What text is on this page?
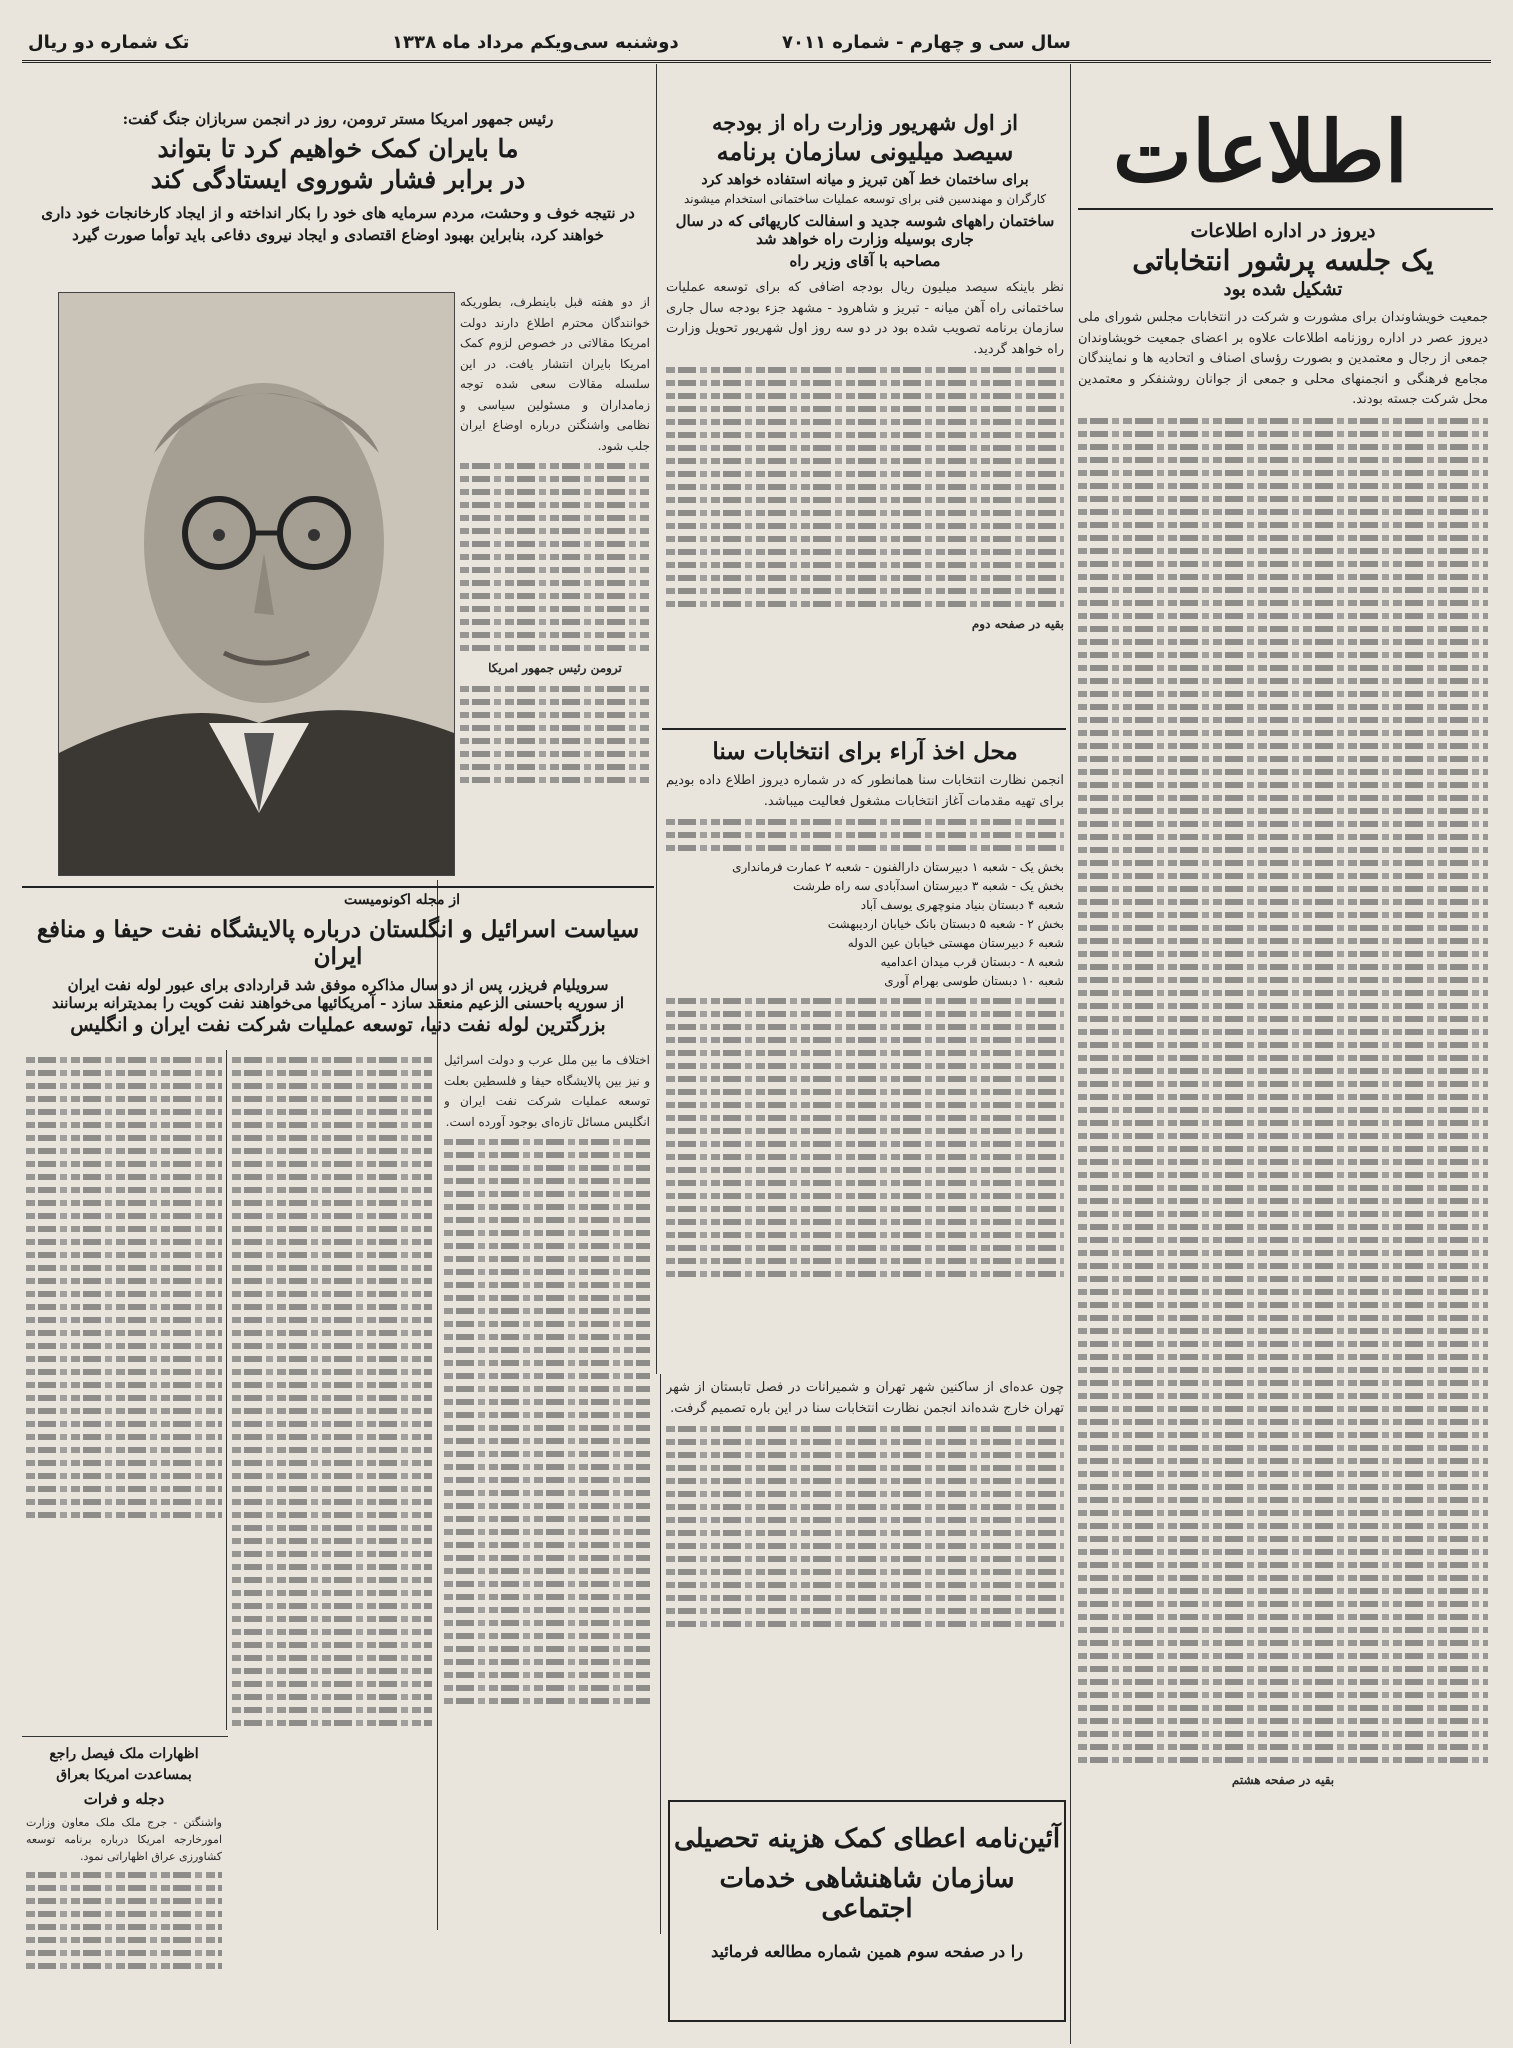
تک شماره دو ریال	دوشنبه سی‌ویکم مرداد ماه ۱۳۳۸	سال سی و چهارم - شماره ۷۰۱۱
اطلاعات
دیروز در اداره اطلاعات
یک جلسه پرشور انتخاباتی
تشکیل شده بود
جمعیت خویشاوندان برای مشورت و شرکت در انتخابات مجلس شورای ملی دیروز عصر در اداره روزنامه اطلاعات علاوه بر اعضای جمعیت خویشاوندان جمعی از رجال و معتمدین و بصورت رؤسای اصناف و اتحادیه ها و نمایندگان مجامع فرهنگی و انجمنهای محلی و جمعی از جوانان روشنفکر و معتمدین محل شرکت جسته بودند.
بقیه در صفحه هشتم
از اول شهریور وزارت راه از بودجه
سیصد میلیونی سازمان برنامه
برای ساختمان خط آهن تبریز و میانه استفاده خواهد کرد
کارگران و مهندسین فنی برای توسعه عملیات ساختمانی استخدام میشوند
ساختمان راههای شوسه جدید و اسفالت کاریهائی که در سال جاری بوسیله وزارت راه خواهد شد
مصاحبه با آقای وزیر راه
نظر باینکه سیصد میلیون ریال بودجه اضافی که برای توسعه عملیات ساختمانی راه آهن میانه - تبریز و شاهرود - مشهد جزء بودجه سال جاری سازمان برنامه تصویب شده بود در دو سه روز اول شهریور تحویل وزارت راه خواهد گردید.
بقیه در صفحه دوم
محل اخذ آراء برای انتخابات سنا
انجمن نظارت انتخابات سنا همانطور که در شماره دیروز اطلاع داده بودیم برای تهیه مقدمات آغاز انتخابات مشغول فعالیت میباشد.
بخش یک - شعبه ۱ دبیرستان دارالفنون - شعبه ۲ عمارت فرمانداری
بخش یک - شعبه ۳ دبیرستان اسدآبادی سه راه طرشت
شعبه ۴ دبستان بنیاد منوچهری یوسف آباد
بخش ۲ - شعبه ۵ دبستان بانک خیابان اردیبهشت
شعبه ۶ دبیرستان مهستی خیابان عین الدوله
شعبه ۸ - دبستان قرب میدان اعدامیه
شعبه ۱۰ دبستان طوسی بهرام آوری
چون عده‌ای از ساکنین شهر تهران و شمیرانات در فصل تابستان از شهر تهران خارج شده‌اند انجمن نظارت انتخابات سنا در این باره تصمیم گرفت.
آئین‌نامه اعطای کمک هزینه تحصیلی
سازمان شاهنشاهی خدمات اجتماعی
را در صفحه سوم همین شماره مطالعه فرمائید
رئیس جمهور امریکا مستر ترومن، روز در انجمن سربازان جنگ گفت:
ما بایران کمک خواهیم کرد تا بتواند
در برابر فشار شوروی ایستادگی کند
در نتیجه خوف و وحشت، مردم سرمایه های خود را بکار انداخته و از ایجاد کارخانجات خود داری خواهند کرد، بنابراین بهبود اوضاع اقتصادی و ایجاد نیروی دفاعی باید توأما صورت گیرد
از دو هفته قبل باینطرف، بطوریکه خوانندگان محترم اطلاع دارند دولت امریکا مقالاتی در خصوص لزوم کمک امریکا بایران انتشار یافت. در این سلسله مقالات سعی شده توجه زمامداران و مسئولین سیاسی و نظامی واشنگتن درباره اوضاع ایران جلب شود.
ترومن رئیس جمهور امریکا
از مجله اکونومیست
سیاست اسرائیل و انگلستان درباره پالایشگاه نفت حیفا و منافع ایران
سرویلیام فریزر، پس از دو سال مذاکره موفق شد قراردادی برای عبور لوله نفت ایران
از سوریه باحسنی الزعیم منعقد سازد - آمریکائیها می‌خواهند نفت کویت را بمدیترانه برسانند
بزرگترین لوله نفت دنیا، توسعه عملیات شرکت نفت ایران و انگلیس
اختلاف ما بین ملل عرب و دولت اسرائیل و نیز بین پالایشگاه حیفا و فلسطین بعلت توسعه عملیات شرکت نفت ایران و انگلیس مسائل تازه‌ای بوجود آورده است.
اظهارات ملک فیصل راجع بمساعدت امریکا بعراق
دجله و فرات
واشنگتن - جرج ملک ملک معاون وزارت امورخارجه امریکا درباره برنامه توسعه کشاورزی عراق اظهاراتی نمود.
